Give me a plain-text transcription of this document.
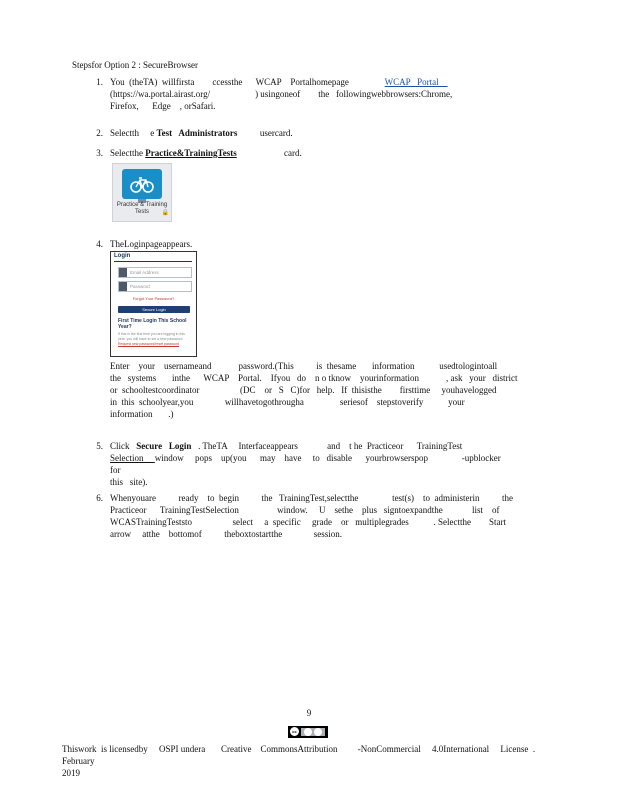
Stepsfor Option 2 : SecureBrowser
1. You  (theTA)  willfirsta        ccessthe      WCAP    Portalhomepage                WCAP   Portal
(https://wa.portal.airast.org/                    ) usingoneof        the   followingwebbrowsers:Chrome,
Firefox,      Edge    , orSafari.
2. Selectth     e Test   Administrators          usercard.
3. Selectthe Practice&TrainingTests                     card.
Practice & Training
Tests	🔒
4. TheLoginpageappears.
Login
Email Address
Password
Forgot Your Password?
Secure Login
First Time Login This School Year?
If this is the first time you are logging in this year, you will have to set a new password
Request new password/reset password
Enter    your    usernameand            password.(This          is  thesame       information           usedtologintoall
the   systems       inthe      WCAP    Portal.    Ifyou   do    n o tknow    yourinformation            , ask   your   district
or  schooltestcoordinator                  (DC    or   S   C)for   help.   If  thisisthe        firsttime     youhavelogged
in  this  schoolyear,you              willhavetogothrougha                seriesof    stepstoverify           your
information       .)
5. Click   Secure   Login   . TheTA     Interfaceappears             and    t he  Practiceor      TrainingTest
Selection     window     pops    up(you      may    have     to   disable      yourbrowserspop               -upblocker           for
this   site).
6. Whenyouare          ready    to  begin          the   TrainingTest,selectthe               test(s)    to  administerin          the
Practiceor      TrainingTestSelection                 window.     U    sethe    plus   signtoexpandthe             list    of
WCASTrainingTeststo                  select     a  specific     grade    or   multiplegrades           . Selectthe        Start
arrow     atthe    bottomof          theboxtostartthe              session.
9
cc
Thiswork  is licensedby     OSPI undera       Creative    CommonsAttribution         -NonCommercial     4.0International     License  . February
2019
